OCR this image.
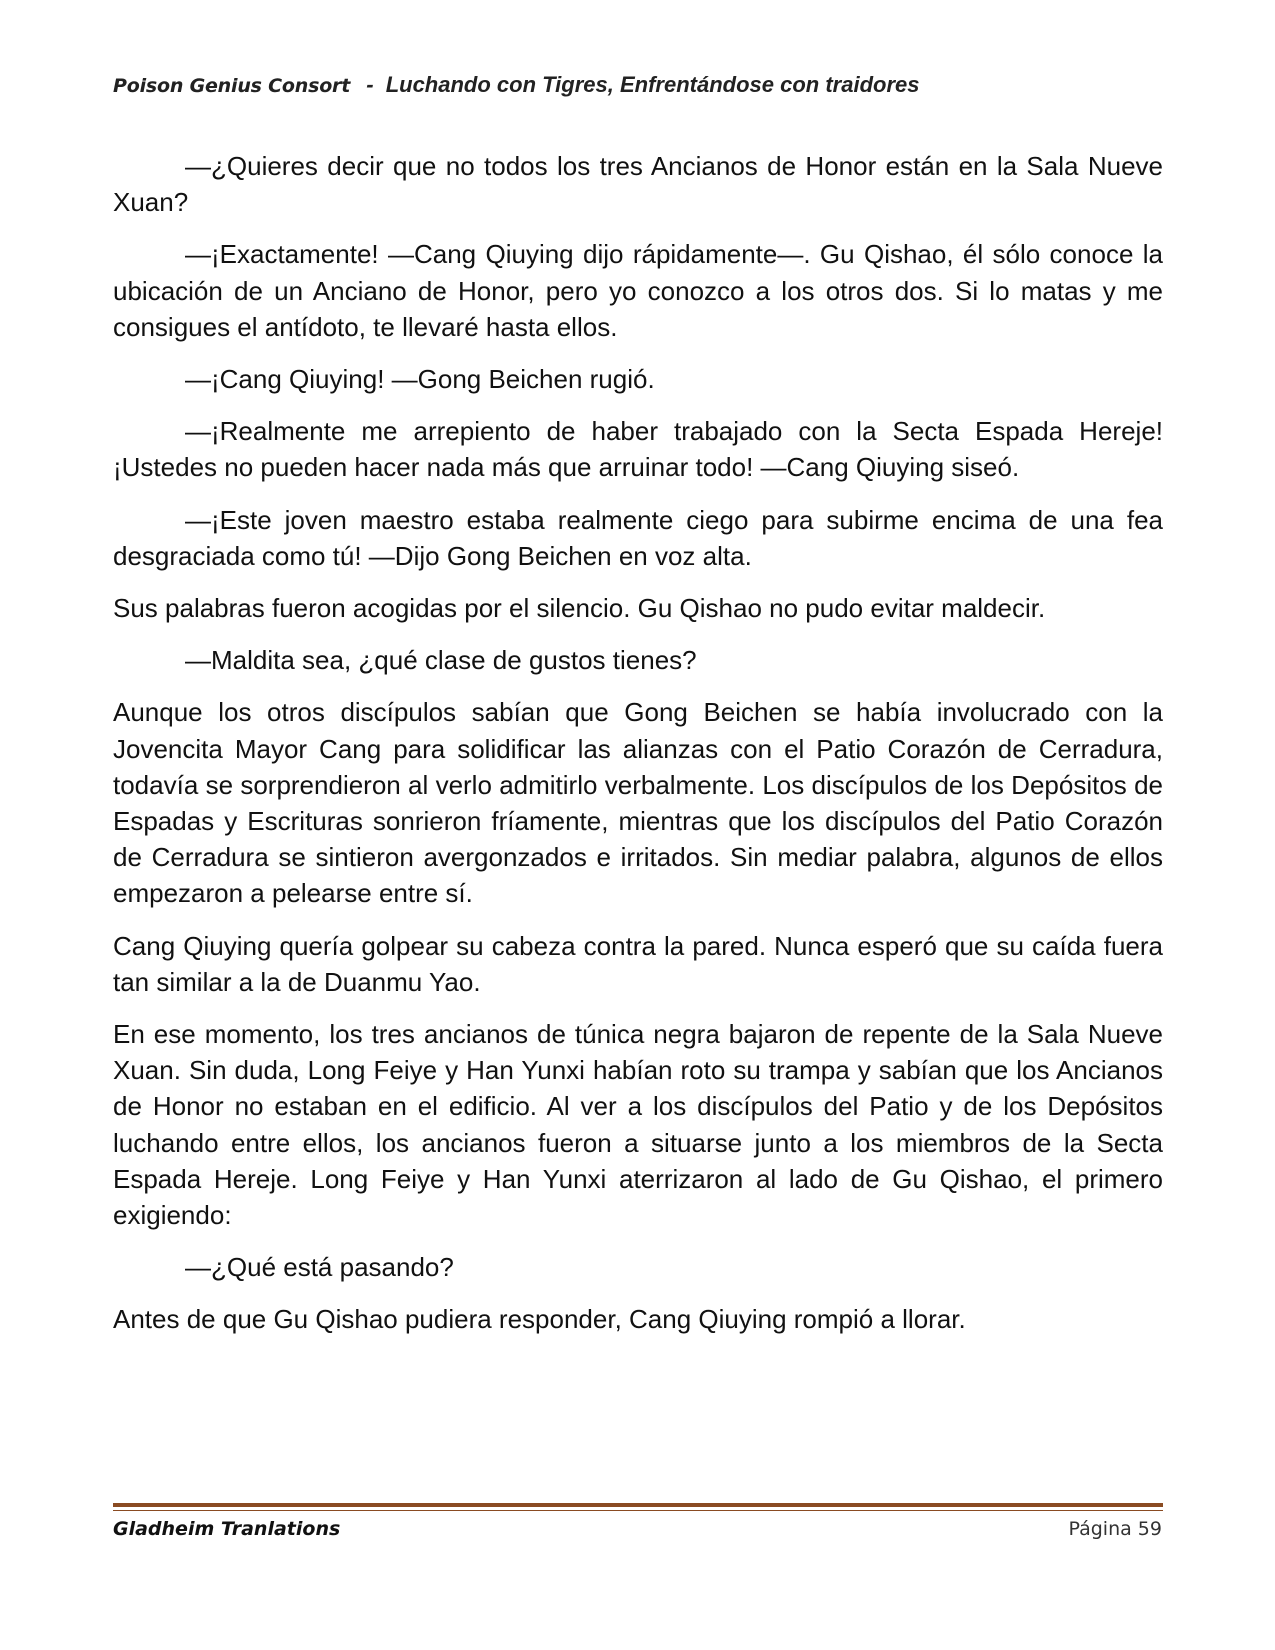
Poison Genius Consort - Luchando con Tigres, Enfrentándose con traidores

—¿Quieres decir que no todos los tres Ancianos de Honor están en la Sala Nueve Xuan?

—¡Exactamente! —Cang Qiuying dijo rápidamente—. Gu Qishao, él sólo conoce la ubicación de un Anciano de Honor, pero yo conozco a los otros dos. Si lo matas y me consigues el antídoto, te llevaré hasta ellos.

—¡Cang Qiuying! —Gong Beichen rugió.

—¡Realmente me arrepiento de haber trabajado con la Secta Espada Hereje! ¡Ustedes no pueden hacer nada más que arruinar todo! —Cang Qiuying siseó.

—¡Este joven maestro estaba realmente ciego para subirme encima de una fea desgraciada como tú! —Dijo Gong Beichen en voz alta.

Sus palabras fueron acogidas por el silencio. Gu Qishao no pudo evitar maldecir.

—Maldita sea, ¿qué clase de gustos tienes?

Aunque los otros discípulos sabían que Gong Beichen se había involucrado con la Jovencita Mayor Cang para solidificar las alianzas con el Patio Corazón de Cerradura, todavía se sorprendieron al verlo admitirlo verbalmente. Los discípulos de los Depósitos de Espadas y Escrituras sonrieron fríamente, mientras que los discípulos del Patio Corazón de Cerradura se sintieron avergonzados e irritados. Sin mediar palabra, algunos de ellos empezaron a pelearse entre sí.

Cang Qiuying quería golpear su cabeza contra la pared. Nunca esperó que su caída fuera tan similar a la de Duanmu Yao.

En ese momento, los tres ancianos de túnica negra bajaron de repente de la Sala Nueve Xuan. Sin duda, Long Feiye y Han Yunxi habían roto su trampa y sabían que los Ancianos de Honor no estaban en el edificio. Al ver a los discípulos del Patio y de los Depósitos luchando entre ellos, los ancianos fueron a situarse junto a los miembros de la Secta Espada Hereje. Long Feiye y Han Yunxi aterrizaron al lado de Gu Qishao, el primero exigiendo:

—¿Qué está pasando?

Antes de que Gu Qishao pudiera responder, Cang Qiuying rompió a llorar.

Gladheim Tranlations	Página 59
